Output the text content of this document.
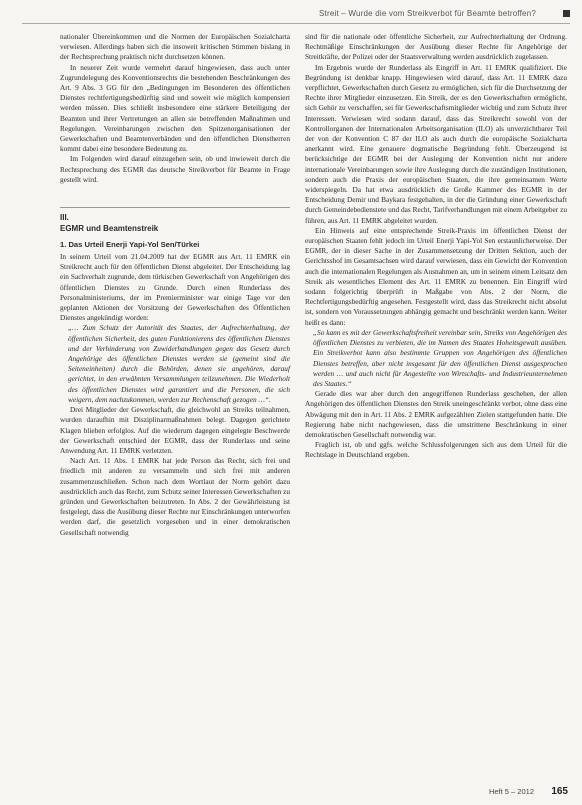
Streit – Wurde die vom Streikverbot für Beamte betroffen?

nationaler Übereinkommen und die Normen der Europäischen Sozialcharta verwiesen. Allerdings haben sich die insoweit kritischen Stimmen bislang in der Rechtsprechung praktisch nicht durchsetzen können.

In neuerer Zeit wurde vermehrt darauf hingewiesen, dass auch unter Zugrundelegung des Konventionsrechts die bestehenden Beschränkungen des Art. 9 Abs. 3 GG für den „Bedingungen im Besonderen des öffentlichen Dienstes rechtfertigungsbedürftig sind und soweit wie möglich kompensiert werden müssen. Dies schließt insbesondere eine stärkere Beteiligung der Beamten und ihrer Vertretungen an allen sie betreffenden Maßnahmen und Regelungen. Vereinbarungen zwischen den Spitzenorganisationen der Gewerkschaften und Beamtenverbänden und den öffentlichen Dienstherren kommt dabei eine besondere Bedeutung zu.

Im Folgenden wird darauf einzugehen sein, ob und inwieweit durch die Rechtsprechung des EGMR das deutsche Streikverbot für Beamte in Frage gestellt wird.

III.
EGMR und Beamtenstreik
1. Das Urteil Enerji Yapi-Yol Sen/Türkei

In seinem Urteil vom 21.04.2009 hat der EGMR aus Art. 11 EMRK ein Streikrecht auch für den öffentlichen Dienst abgeleitet. Der Entscheidung lag ein Sachverhalt zugrunde, dem türkischen Gewerkschaft von Angehörigen des öffentlichen Dienstes zu Grunde. Durch einen Runderlass des Personalministeriums, der im Premierminister war einige Tage vor den geplanten Aktionen der Vorsitzung der Gewerkschaften des Öffentlichen Dienstes angekündigt worden:

„… Zum Schutz der Autorität des Staates, der Aufrechterhaltung, der öffentlichen Sicherheit, des guten Funktionierens des öffentlichen Dienstes und der Verhinderung von Zuwiderhandlungen gegen das Gesetz durch Angehörige des öffentlichen Dienstes werden sie (gemeint sind die Seiteneinheiten) durch die Behörden, denen sie angehören, darauf gerichtet, in den erwähnten Versammlungen teilzunehmen. Die Wiederholt des öffentlichen Dienstes wird garantiert und die Personen, die sich weigern, dem nachzukommen, werden zur Rechenschaft gezogen …“.

Drei Mitglieder der Gewerkschaft, die gleichwohl an Streiks teilnahmen, wurden daraufhin mit Disziplinarmaßnahmen belegt. Dagegen gerichtete Klagen blieben erfolglos. Auf die wiederum dagegen eingelegte Beschwerde der Gewerkschaft entschied der EGMR, dass der Runderlass und seine Anwendung Art. 11 EMRK verletzten.

Nach Art. 11 Abs. 1 EMRK hat jede Person das Recht, sich frei und friedlich mit anderen zu versammeln und sich frei mit anderen zusammenzuschließen. Schon nach dem Wortlaut der Norm gehört dazu ausdrücklich auch das Recht, zum Schutz seiner Interessen Gewerkschaften zu gründen und Gewerkschaften beizutreten. In Abs. 2 der Gewährleistung ist festgelegt, dass die Ausübung dieser Rechte nur Einschränkungen unterworfen werden darf, die gesetzlich vorgesehen und in einer demokratischen Gesellschaft notwendig

sind für die nationale oder öffentliche Sicherheit, zur Aufrechterhaltung der Ordnung. Rechtmäßige Einschränkungen der Ausübung dieser Rechte für Angehörige der Streitkräfte, der Polizei oder der Staatsverwaltung werden ausdrücklich zugelassen.

Im Ergebnis wurde der Runderlass als Eingriff in Art. 11 EMRK qualifiziert. Die Begründung ist denkbar knapp. Hingewiesen wird darauf, dass Art. 11 EMRK dazu verpflichtet, Gewerkschaften durch Gesetz zu ermöglichen, sich für die Durchsetzung der Rechte ihrer Mitglieder einzusetzen. Ein Streik, der es den Gewerkschaften ermöglicht, sich Gehör zu verschaffen, sei für Gewerkschaftsmitglieder wichtig und zum Schutz ihrer Interessen. Verwiesen wird sodann darauf, dass das Streikrecht sowohl von der Kontrollorganen der Internationalen Arbeitsorganisation (ILO) als unverzichtbarer Teil der von der Konvention C 87 der ILO als auch durch die europäische Sozialcharta anerkannt wird. Eine genauere dogmatische Begründung fehlt. Überzeugend ist berücksichtige der EGMR bei der Auslegung der Konvention nicht nur andere internationale Vereinbarungen sowie ihre Auslegung durch die zuständigen Institutionen, sondern auch die Praxis der europäischen Staaten, die ihre gemeinsamen Werte widerspiegeln. Da hat etwa ausdrücklich die Große Kammer des EGMR in der Entscheidung Demir und Baykara festgehalten, in der die Gründung einer Gewerkschaft durch Gemeindebedienstete und das Recht, Tarifverhandlungen mit einem Arbeitgeber zu führen, aus Art. 11 EMRK abgeleitet wurden.

Ein Hinweis auf eine entsprechende Streik-Praxis im öffentlichen Dienst der europäischen Staaten fehlt jedoch im Urteil Enerji Yapi-Yol Sen erstaunlicherweise. Der EGMR, der in dieser Sache in der Zusammensetzung der Dritten Sektion, auch der Gerichtsshof im Gesamtsachsen wird darauf verwiesen, dass ein Gewicht der Konvention auch die internationalen Regelungen als Ausnahmen an, um in seinem einem Leitsatz den Streik als wesentliches Element des Art. 11 EMRK zu benennen. Ein Eingriff wird sodann folgerichtig überprüft in Maßgabe von Abs. 2 der Norm, die Rechtfertigungsbedürftig angesehen. Festgestellt wird, dass das Streikrecht nicht absolut ist, sondern von Voraussetzungen abhängig gemacht und beschränkt werden kann. Weiter heißt es dann:

„So kann es mit der Gewerkschaftsfreiheit vereinbar sein, Streiks von Angehörigen des öffentlichen Dienstes zu verbieten, die im Namen des Staates Hoheitsgewalt ausüben. Ein Streikverbot kann also bestimmte Gruppen von Angehörigen des öffentlichen Dienstes betreffen, aber nicht insgesamt für den öffentlichen Dienst ausgesprochen werden … und auch nicht für Angestellte von Wirtschafts- und Industrieunternehmen des Staates.“

Gerade dies war aber durch den angegriffenen Runderlass geschehen, der allen Angehörigen des öffentlichen Dienstes den Streik uneingeschränkt verbot, ohne dass eine Abwägung mit den in Art. 11 Abs. 2 EMRK aufgezählten Zielen stattgefunden hatte. Die Regierung habe nicht nachgewiesen, dass die umstrittene Beschränkung in einer demokratischen Gesellschaft notwendig war.

Fraglich ist, ob und ggfs. welche Schlussfolgerungen sich aus dem Urteil für die Rechtslage in Deutschland ergeben.

Heft 5 – 2012 165
